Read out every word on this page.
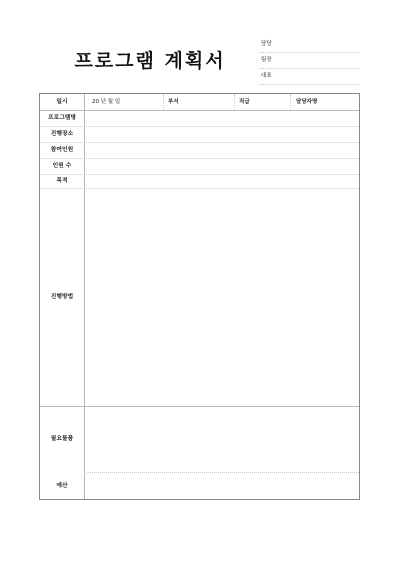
프로그램 계획서
담당
팀장
대표
일시	20 년 월 일	부서	직급	담당자명
프로그램명
진행장소
참여인원
인원 수
목적
진행방법
필요물품
예산
